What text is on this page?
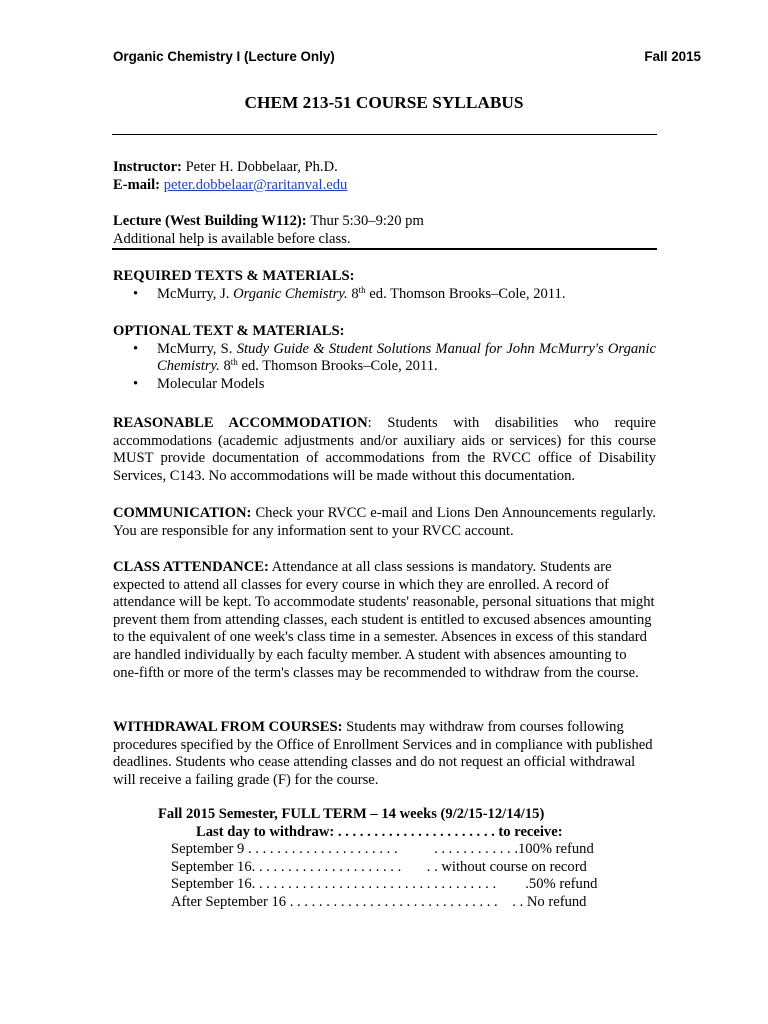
Organic Chemistry I (Lecture Only)	Fall 2015
CHEM 213-51 COURSE SYLLABUS
Instructor: Peter H. Dobbelaar, Ph.D.
E-mail: peter.dobbelaar@raritanval.edu
Lecture (West Building W112): Thur 5:30–9:20 pm
Additional help is available before class.
REQUIRED TEXTS & MATERIALS:
• McMurry, J. Organic Chemistry. 8th ed. Thomson Brooks–Cole, 2011.
OPTIONAL TEXT & MATERIALS:
• McMurry, S. Study Guide & Student Solutions Manual for John McMurry's Organic Chemistry. 8th ed. Thomson Brooks–Cole, 2011.
• Molecular Models
REASONABLE ACCOMMODATION: Students with disabilities who require accommodations (academic adjustments and/or auxiliary aids or services) for this course MUST provide documentation of accommodations from the RVCC office of Disability Services, C143. No accommodations will be made without this documentation.
COMMUNICATION: Check your RVCC e-mail and Lions Den Announcements regularly. You are responsible for any information sent to your RVCC account.
CLASS ATTENDANCE: Attendance at all class sessions is mandatory. Students are expected to attend all classes for every course in which they are enrolled. A record of attendance will be kept. To accommodate students' reasonable, personal situations that might prevent them from attending classes, each student is entitled to excused absences amounting to the equivalent of one week's class time in a semester. Absences in excess of this standard are handled individually by each faculty member. A student with absences amounting to one-fifth or more of the term's classes may be recommended to withdraw from the course.
WITHDRAWAL FROM COURSES: Students may withdraw from courses following procedures specified by the Office of Enrollment Services and in compliance with published deadlines. Students who cease attending classes and do not request an official withdrawal will receive a failing grade (F) for the course.
Fall 2015 Semester, FULL TERM – 14 weeks (9/2/15-12/14/15)
Last day to withdraw: . . . . . . . . . . . . . . . . . . . . . . to receive:
September 9 . . . . . . . . . . . . . . . . . . . . .          . . . . . . . . . . . .100% refund
September 16. . . . . . . . . . . . . . . . . . . . .       . . without course on record
September 16. . . . . . . . . . . . . . . . . . . . . . . . . . . . . . . . . .        .50% refund
After September 16 . . . . . . . . . . . . . . . . . . . . . . . . . . . . .    . . No refund
